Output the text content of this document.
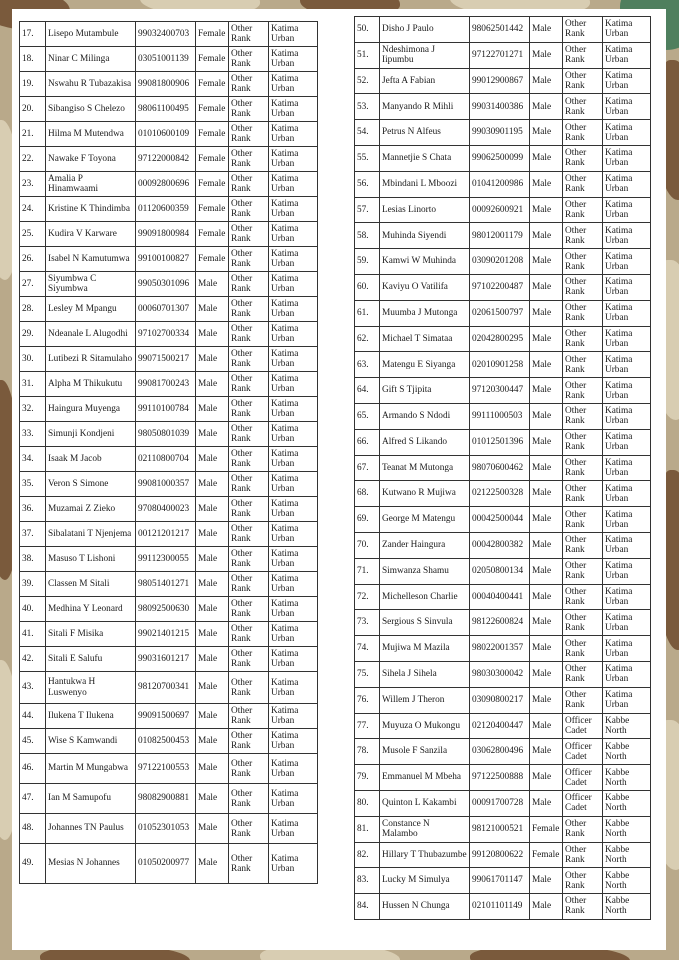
17.	Lisepo Mutambule	99032400703	Female	Other Rank	Katima Urban
18.	Ninar C Milinga	03051001139	Female	Other Rank	Katima Urban
19.	Nswahu R Tubazakisa	99081800906	Female	Other Rank	Katima Urban
20.	Sibangiso S Chelezo	98061100495	Female	Other Rank	Katima Urban
21.	Hilma M Mutendwa	01010600109	Female	Other Rank	Katima Urban
22.	Nawake F Toyona	97122000842	Female	Other Rank	Katima Urban
23.	Amalia P Hinamwaami	00092800696	Female	Other Rank	Katima Urban
24.	Kristine K Thindimba	01120600359	Female	Other Rank	Katima Urban
25.	Kudira V Karware	99091800984	Female	Other Rank	Katima Urban
26.	Isabel N Kamutumwa	99100100827	Female	Other Rank	Katima Urban
27.	Siyumbwa C Siyumbwa	99050301096	Male	Other Rank	Katima Urban
28.	Lesley M Mpangu	00060701307	Male	Other Rank	Katima Urban
29.	Ndeanale L Alugodhi	97102700334	Male	Other Rank	Katima Urban
30.	Lutibezi R Sitamulaho	99071500217	Male	Other Rank	Katima Urban
31.	Alpha M Thikukutu	99081700243	Male	Other Rank	Katima Urban
32.	Haingura Muyenga	99110100784	Male	Other Rank	Katima Urban
33.	Simunji Kondjeni	98050801039	Male	Other Rank	Katima Urban
34.	Isaak M Jacob	02110800704	Male	Other Rank	Katima Urban
35.	Veron S Simone	99081000357	Male	Other Rank	Katima Urban
36.	Muzamai Z Zieko	97080400023	Male	Other Rank	Katima Urban
37.	Sibalatani T Njenjema	00121201217	Male	Other Rank	Katima Urban
38.	Masuso T Lishoni	99112300055	Male	Other Rank	Katima Urban
39.	Classen M Sitali	98051401271	Male	Other Rank	Katima Urban
40.	Medhina Y Leonard	98092500630	Male	Other Rank	Katima Urban
41.	Sitali F Misika	99021401215	Male	Other Rank	Katima Urban
42.	Sitali E Salufu	99031601217	Male	Other Rank	Katima Urban
43.	Hantukwa H Luswenyo	98120700341	Male	Other Rank	Katima Urban
44.	Ilukena T Ilukena	99091500697	Male	Other Rank	Katima Urban
45.	Wise S Kamwandi	01082500453	Male	Other Rank	Katima Urban
46.	Martin M Mungabwa	97122100553	Male	Other Rank	Katima Urban
47.	Ian M Samupofu	98082900881	Male	Other Rank	Katima Urban
48.	Johannes TN Paulus	01052301053	Male	Other Rank	Katima Urban
49.	Mesias N Johannes	01050200977	Male	Other Rank	Katima Urban
50.	Disho J Paulo	98062501442	Male	Other Rank	Katima Urban
51.	Ndeshimona J Iipumbu	97122701271	Male	Other Rank	Katima Urban
52.	Jefta A Fabian	99012900867	Male	Other Rank	Katima Urban
53.	Manyando R Mihli	99031400386	Male	Other Rank	Katima Urban
54.	Petrus N Alfeus	99030901195	Male	Other Rank	Katima Urban
55.	Mannetjie S Chata	99062500099	Male	Other Rank	Katima Urban
56.	Mbindani L Mboozi	01041200986	Male	Other Rank	Katima Urban
57.	Lesias Linorto	00092600921	Male	Other Rank	Katima Urban
58.	Muhinda Siyendi	98012001179	Male	Other Rank	Katima Urban
59.	Kamwi W Muhinda	03090201208	Male	Other Rank	Katima Urban
60.	Kaviyu O Vatilifa	97102200487	Male	Other Rank	Katima Urban
61.	Muumba J Mutonga	02061500797	Male	Other Rank	Katima Urban
62.	Michael T Simataa	02042800295	Male	Other Rank	Katima Urban
63.	Matengu E Siyanga	02010901258	Male	Other Rank	Katima Urban
64.	Gift S Tjipita	97120300447	Male	Other Rank	Katima Urban
65.	Armando S Ndodi	99111000503	Male	Other Rank	Katima Urban
66.	Alfred S Likando	01012501396	Male	Other Rank	Katima Urban
67.	Teanat M Mutonga	98070600462	Male	Other Rank	Katima Urban
68.	Kutwano R Mujiwa	02122500328	Male	Other Rank	Katima Urban
69.	George M Matengu	00042500044	Male	Other Rank	Katima Urban
70.	Zander Haingura	00042800382	Male	Other Rank	Katima Urban
71.	Simwanza Shamu	02050800134	Male	Other Rank	Katima Urban
72.	Michelleson Charlie	00040400441	Male	Other Rank	Katima Urban
73.	Sergious S Sinvula	98122600824	Male	Other Rank	Katima Urban
74.	Mujiwa M Mazila	98022001357	Male	Other Rank	Katima Urban
75.	Sihela J Sihela	98030300042	Male	Other Rank	Katima Urban
76.	Willem J Theron	03090800217	Male	Other Rank	Katima Urban
77.	Muyuza O Mukongu	02120400447	Male	Officer Cadet	Kabbe North
78.	Musole F Sanzila	03062800496	Male	Officer Cadet	Kabbe North
79.	Emmanuel M Mbeha	97122500888	Male	Officer Cadet	Kabbe North
80.	Quinton L Kakambi	00091700728	Male	Officer Cadet	Kabbe North
81.	Constance N Malambo	98121000521	Female	Other Rank	Kabbe North
82.	Hillary T Thubazumbe	99120800622	Female	Other Rank	Kabbe North
83.	Lucky M Simulya	99061701147	Male	Other Rank	Kabbe North
84.	Hussen N Chunga	02101101149	Male	Other Rank	Kabbe North
